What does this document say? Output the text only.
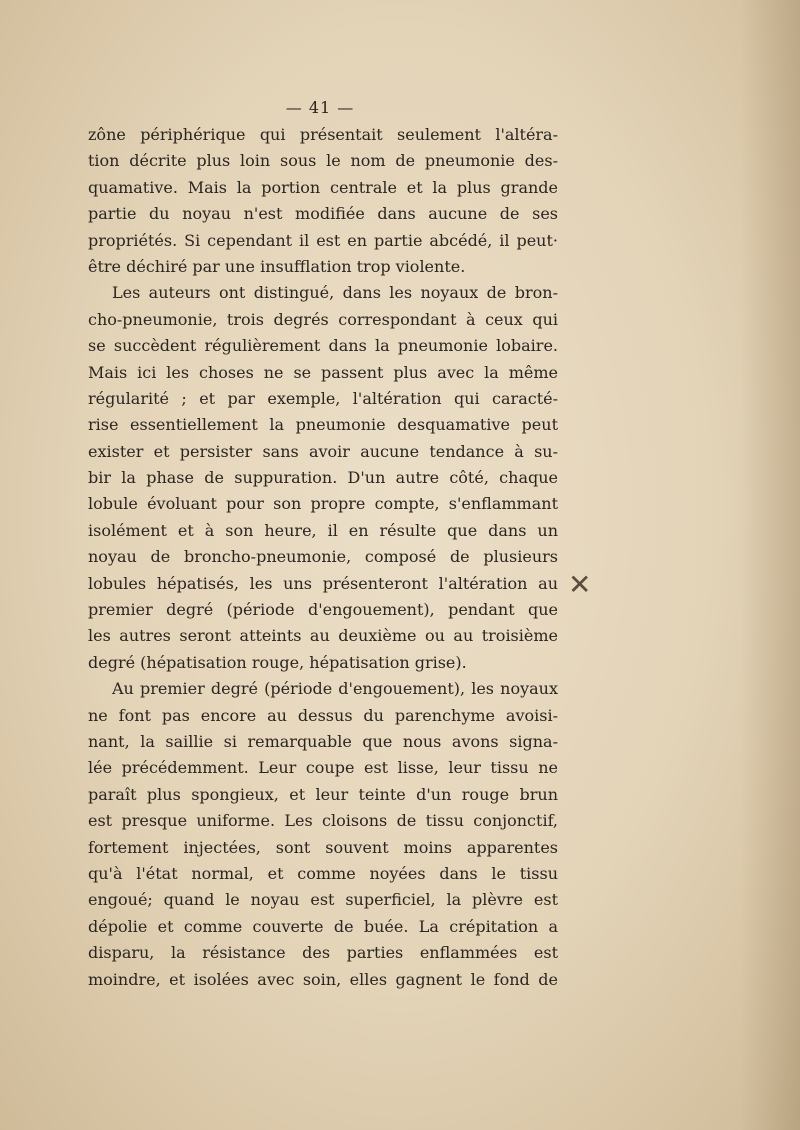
— 41 —
zône périphérique qui présentait seulement l'altéra-
tion décrite plus loin sous le nom de pneumonie des-
quamative. Mais la portion centrale et la plus grande
partie du noyau n'est modifiée dans aucune de ses
propriétés. Si cependant il est en partie abcédé, il peut·
être déchiré par une insufflation trop violente.
Les auteurs ont distingué, dans les noyaux de bron-
cho-pneumonie, trois degrés correspondant à ceux qui
se succèdent régulièrement dans la pneumonie lobaire.
Mais ici les choses ne se passent plus avec la même
régularité ; et par exemple, l'altération qui caracté-
rise essentiellement la pneumonie desquamative peut
exister et persister sans avoir aucune tendance à su-
bir la phase de suppuration. D'un autre côté, chaque
lobule évoluant pour son propre compte, s'enflammant
isolément et à son heure, il en résulte que dans un
noyau de broncho-pneumonie, composé de plusieurs
lobules hépatisés, les uns présenteront l'altération au
premier degré (période d'engouement), pendant que
les autres seront atteints au deuxième ou au troisième
degré (hépatisation rouge, hépatisation grise).
Au premier degré (période d'engouement), les noyaux
ne font pas encore au dessus du parenchyme avoisi-
nant, la saillie si remarquable que nous avons signa-
lée précédemment. Leur coupe est lisse, leur tissu ne
paraît plus spongieux, et leur teinte d'un rouge brun
est presque uniforme. Les cloisons de tissu conjonctif,
fortement injectées, sont souvent moins apparentes
qu'à l'état normal, et comme noyées dans le tissu
engoué; quand le noyau est superficiel, la plèvre est
dépolie et comme couverte de buée. La crépitation a
disparu, la résistance des parties enflammées est
moindre, et isolées avec soin, elles gagnent le fond de
✕
